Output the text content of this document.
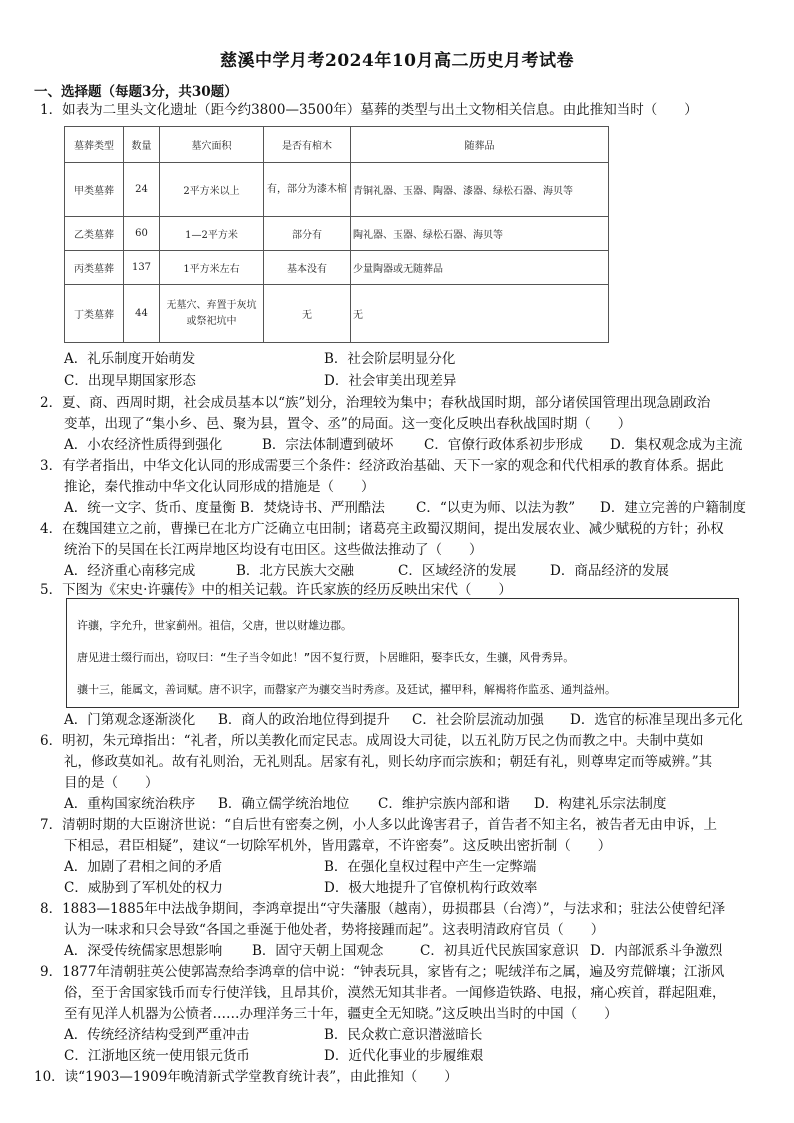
慈溪中学月考2024年10月高二历史月考试卷
一、选择题（每题3分，共30题）
1．如表为二里头文化遗址（距今约3800—3500年）墓葬的类型与出土文物相关信息。由此推知当时（　　）
墓葬类型	数量	墓穴面积	是否有棺木	随葬品
甲类墓葬	24	2平方米以上	有，部分为漆木棺	青铜礼器、玉器、陶器、漆器、绿松石器、海贝等
乙类墓葬	60	1—2平方米	部分有	陶礼器、玉器、绿松石器、海贝等
丙类墓葬	137	1平方米左右	基本没有	少量陶器或无随葬品
丁类墓葬	44	无墓穴、弃置于灰坑或祭祀坑中	无	无
A．礼乐制度开始萌发	B．社会阶层明显分化
C．出现早期国家形态	D．社会审美出现差异
2．夏、商、西周时期，社会成员基本以“族”划分，治理较为集中；春秋战国时期，部分诸侯国管理出现急剧政治
变革，出现了“集小乡、邑、聚为县，置令、丞”的局面。这一变化反映出春秋战国时期（　　）
A．小农经济性质得到强化	B．宗法体制遭到破坏 C．官僚行政体系初步形成 D．集权观念成为主流
3．有学者指出，中华文化认同的形成需要三个条件：经济政治基础、天下一家的观念和代代相承的教育体系。据此
推论，秦代推动中华文化认同形成的措施是（　　）
A．统一文字、货币、度量衡 B．焚烧诗书、严刑酷法 C．“以吏为师、以法为教” D．建立完善的户籍制度
4．在魏国建立之前，曹操已在北方广泛确立屯田制；诸葛亮主政蜀汉期间，提出发展农业、减少赋税的方针；孙权
统治下的吴国在长江两岸地区均设有屯田区。这些做法推动了（　　）
A．经济重心南移完成	B．北方民族大交融	C．区域经济的发展 D．商品经济的发展
5．下图为《宋史·许骧传》中的相关记载。许氏家族的经历反映出宋代（　　）
许骧，字允升，世家蓟州。祖信，父唐，世以财雄边郡。
唐见进士缀行而出，窃叹曰：“生子当令如此！”因不复行贾，卜居睢阳，娶李氏女，生骧，风骨秀异。
骧十三，能属文，善词赋。唐不识字，而罄家产为骧交当时秀彦。及廷试，擢甲科，解褐将作监丞、通判益州。
A．门第观念逐渐淡化 B．商人的政治地位得到提升 C．社会阶层流动加强 D．选官的标准呈现出多元化
6．明初，朱元璋指出：“礼者，所以美教化而定民志。成周设大司徒，以五礼防万民之伪而教之中。夫制中莫如
礼，修政莫如礼。故有礼则治，无礼则乱。居家有礼，则长幼序而宗族和；朝廷有礼，则尊卑定而等威辨。”其
目的是（　　）
A．重构国家统治秩序 B．确立儒学统治地位 C．维护宗族内部和谐 D．构建礼乐宗法制度
7．清朝时期的大臣谢济世说：“自后世有密奏之例，小人多以此谗害君子，首告者不知主名，被告者无由申诉，上
下相忌，君臣相疑”，建议“一切除军机外，皆用露章，不许密奏”。这反映出密折制（　　）
A．加剧了君相之间的矛盾	B．在强化皇权过程中产生一定弊端
C．威胁到了军机处的权力	D．极大地提升了官僚机构行政效率
8．1883—1885年中法战争期间，李鸿章提出“守失藩服（越南），毋损郡县（台湾）”，与法求和；驻法公使曾纪泽
认为一味求和只会导致“各国之垂涎于他处者，势将接踵而起”。这表明清政府官员（　　）
A．深受传统儒家思想影响 B．固守天朝上国观念	C．初具近代民族国家意识 D．内部派系斗争激烈
9．1877年清朝驻英公使郭嵩焘给李鸿章的信中说：“钟表玩具，家皆有之；呢绒洋布之属，遍及穷荒僻壤；江浙风
俗，至于舍国家钱币而专行使洋钱，且昂其价，漠然无知其非者。一闻修造铁路、电报，痛心疾首，群起阻难，
至有见洋人机器为公愤者……办理洋务三十年，疆吏全无知晓。”这反映出当时的中国（　　）
A．传统经济结构受到严重冲击	B．民众救亡意识潜滋暗长
C．江浙地区统一使用银元货币	D．近代化事业的步履维艰
10．读“1903—1909年晚清新式学堂教育统计表”，由此推知（　　）
